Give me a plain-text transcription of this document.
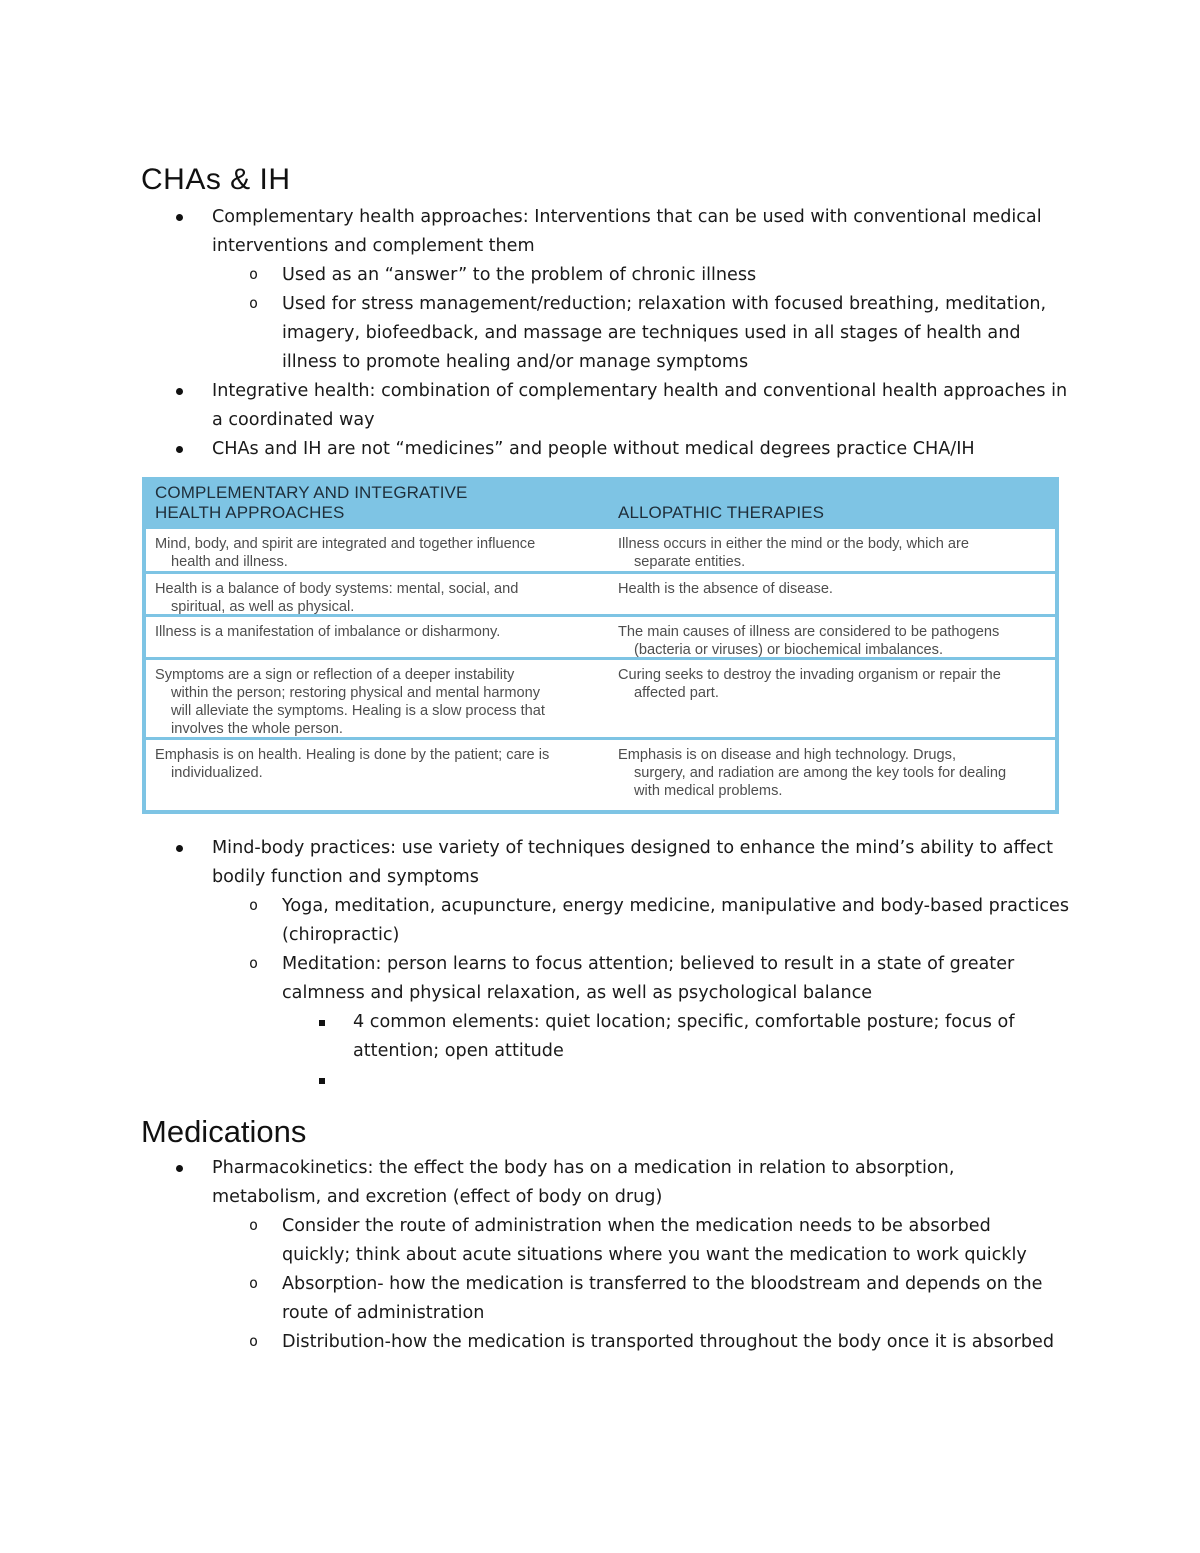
CHAs & IH
Complementary health approaches: Interventions that can be used with conventional medical
interventions and complement them
o Used as an “answer” to the problem of chronic illness
o Used for stress management/reduction; relaxation with focused breathing, meditation,
imagery, biofeedback, and massage are techniques used in all stages of health and
illness to promote healing and/or manage symptoms
Integrative health: combination of complementary health and conventional health approaches in
a coordinated way
CHAs and IH are not “medicines” and people without medical degrees practice CHA/IH
COMPLEMENTARY AND INTEGRATIVE
HEALTH APPROACHES	ALLOPATHIC THERAPIES
Mind, body, and spirit are integrated and together influence
health and illness.
Illness occurs in either the mind or the body, which are
separate entities.
Health is a balance of body systems: mental, social, and
spiritual, as well as physical.
Health is the absence of disease.
Illness is a manifestation of imbalance or disharmony.	The main causes of illness are considered to be pathogens
(bacteria or viruses) or biochemical imbalances.
Symptoms are a sign or reflection of a deeper instability
within the person; restoring physical and mental harmony
will alleviate the symptoms. Healing is a slow process that
involves the whole person.
Curing seeks to destroy the invading organism or repair the
affected part.
Emphasis is on health. Healing is done by the patient; care is
individualized.
Emphasis is on disease and high technology. Drugs,
surgery, and radiation are among the key tools for dealing
with medical problems.
Mind-body practices: use variety of techniques designed to enhance the mind’s ability to affect
bodily function and symptoms
o Yoga, meditation, acupuncture, energy medicine, manipulative and body-based practices
(chiropractic)
o Meditation: person learns to focus attention; believed to result in a state of greater
calmness and physical relaxation, as well as psychological balance
4 common elements: quiet location; specific, comfortable posture; focus of
attention; open attitude
Medications
Pharmacokinetics: the effect the body has on a medication in relation to absorption,
metabolism, and excretion (effect of body on drug)
o Consider the route of administration when the medication needs to be absorbed
quickly; think about acute situations where you want the medication to work quickly
o Absorption- how the medication is transferred to the bloodstream and depends on the
route of administration
o Distribution-how the medication is transported throughout the body once it is absorbed
